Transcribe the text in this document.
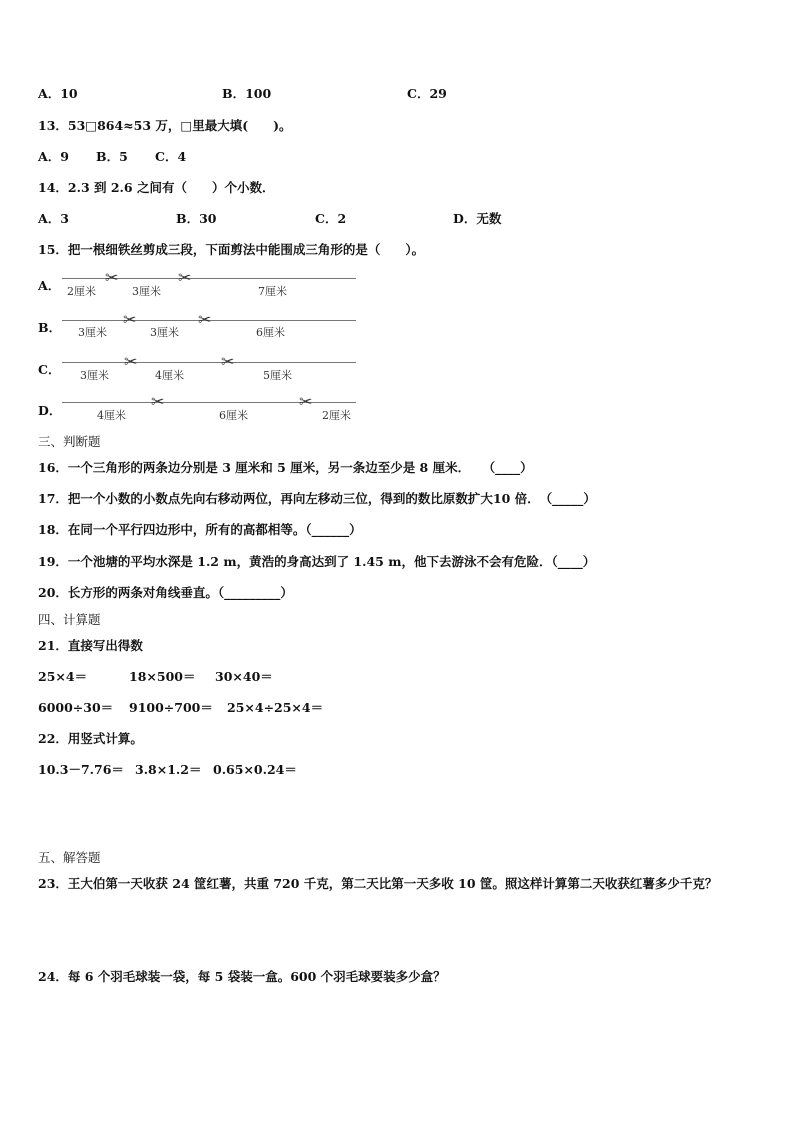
A．10	B．100	C．29
13．53□864≈53 万，□里最大填(　　)。
A．9 B．5 C．4
14．2.3 到 2.6 之间有（　　）个小数．
A．3	B．30	C．2	D．无数
15．把一根细铁丝剪成三段，下面剪法中能围成三角形的是（　　）。
A．	✂	✂
2厘米	3厘米	7厘米
B．	✂	✂
3厘米	3厘米	6厘米
C．	✂	✂
3厘米	4厘米	5厘米
D．	✂	✂
4厘米	6厘米	2厘米
三、判断题
16．一个三角形的两条边分别是 3 厘米和 5 厘米，另一条边至少是 8 厘米．　　（____）
17．把一个小数的小数点先向右移动两位，再向左移动三位，得到的数比原数扩大10 倍．　（_____）
18．在同一个平行四边形中，所有的高都相等。（______）
19．一个池塘的平均水深是 1.2 m，黄浩的身高达到了 1.45 m，他下去游泳不会有危险．（____）
20．长方形的两条对角线垂直。（_________）
四、计算题
21．直接写出得数
25×4＝	18×500＝ 30×40＝
6000÷30＝ 9100÷700＝ 25×4÷25×4＝
22．用竖式计算。
10.3－7.76＝ 3.8×1.2＝ 0.65×0.24＝
五、解答题
23．王大伯第一天收获 24 筐红薯，共重 720 千克，第二天比第一天多收 10 筐。照这样计算第二天收获红薯多少千克？
24．每 6 个羽毛球装一袋，每 5 袋装一盒。600 个羽毛球要装多少盒？
